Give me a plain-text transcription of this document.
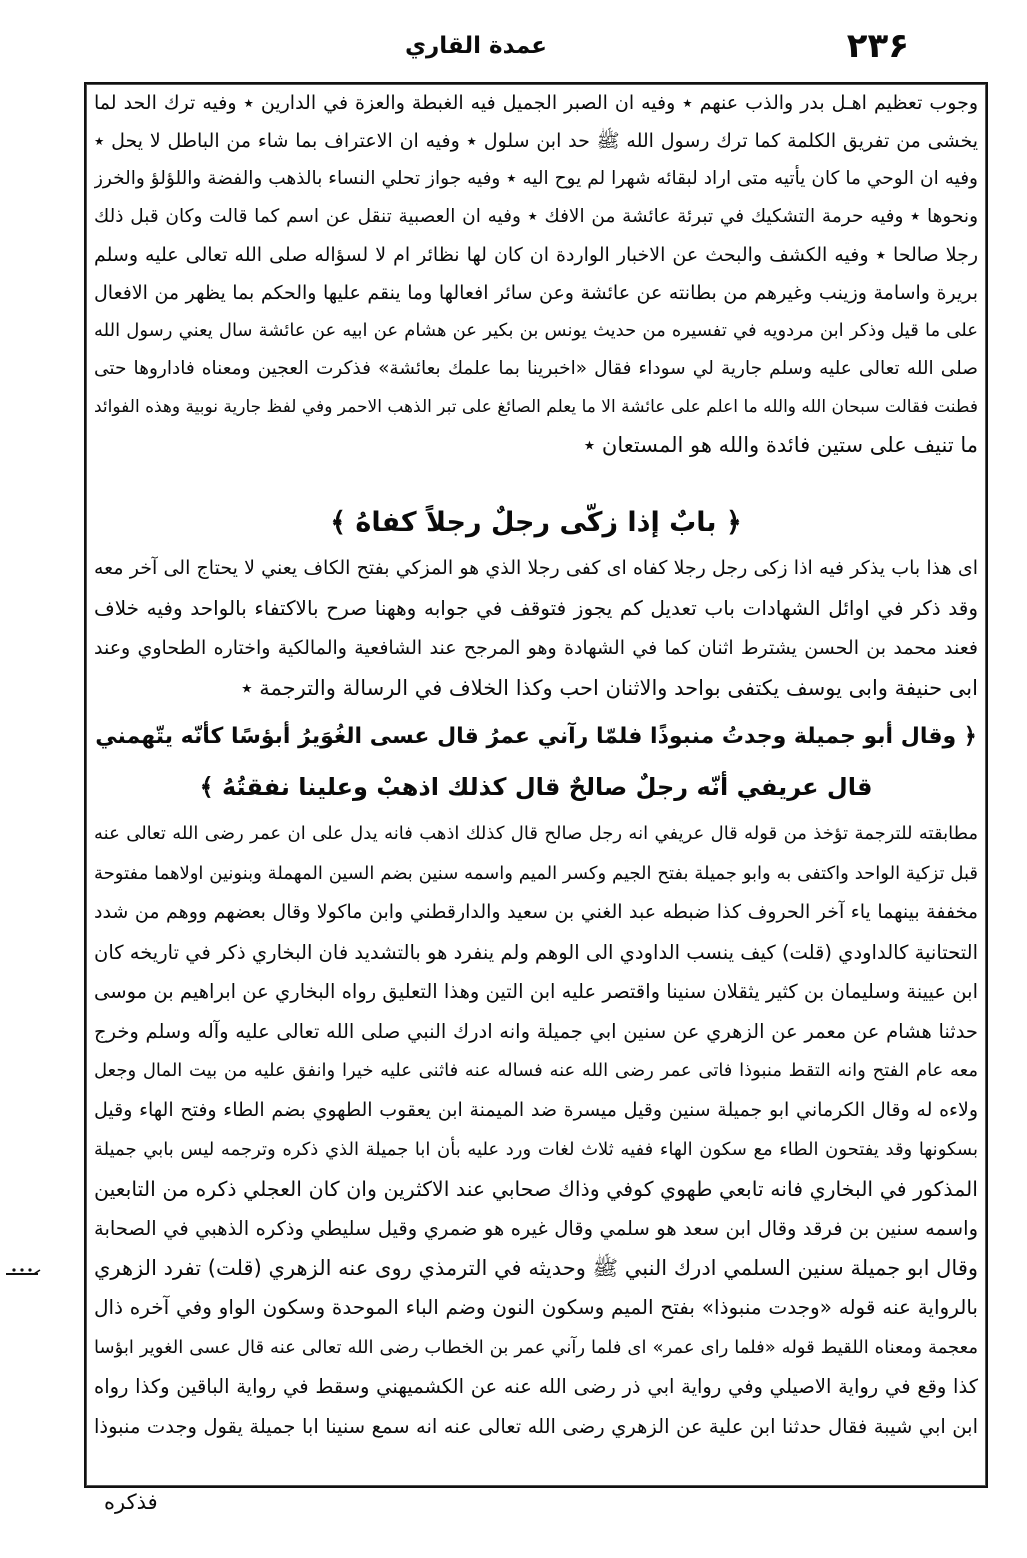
۲۳۶
عمدة القاري
وجوب تعظيم اهـل بدر والذب عنهم ٭ وفيه ان الصبر الجميل فيه الغبطة والعزة في الدارين ٭ وفيه ترك الحد لما
يخشى من تفريق الكلمة كما ترك رسول الله ﷺ حد ابن سلول ٭ وفيه ان الاعتراف بما شاء من الباطل لا يحل ٭
وفيه ان الوحي ما كان يأتيه متى اراد لبقائه شهرا لم يوح اليه ٭ وفيه جواز تحلي النساء بالذهب والفضة واللؤلؤ والخرز
ونحوها ٭ وفيه حرمة التشكيك في تبرئة عائشة من الافك ٭ وفيه ان العصبية تنقل عن اسم كما قالت وكان قبل ذلك
رجلا صالحا ٭ وفيه الكشف والبحث عن الاخبار الواردة ان كان لها نظائر ام لا لسؤاله صلى الله تعالى عليه وسلم
بريرة واسامة وزينب وغيرهم من بطانته عن عائشة وعن سائر افعالها وما ينقم عليها والحكم بما يظهر من الافعال
على ما قيل وذكر ابن مردويه في تفسيره من حديث يونس بن بكير عن هشام عن ابيه عن عائشة سال يعني رسول الله
صلى الله تعالى عليه وسلم جارية لي سوداء فقال «اخبرينا بما علمك بعائشة» فذكرت العجين ومعناه فاداروها حتى
فطنت فقالت سبحان الله والله ما اعلم على عائشة الا ما يعلم الصائغ على تبر الذهب الاحمر وفي لفظ جارية نوبية وهذه الفوائد
ما تنيف على ستين فائدة والله هو المستعان ٭
﴿ بابٌ إذا زكّى رجلٌ رجلاً كفاهُ ﴾
اى هذا باب يذكر فيه اذا زكى رجل رجلا كفاه اى كفى رجلا الذي هو المزكي بفتح الكاف يعني لا يحتاج الى آخر معه
وقد ذكر في اوائل الشهادات باب تعديل كم يجوز فتوقف في جوابه وههنا صرح بالاكتفاء بالواحد وفيه خلاف
فعند محمد بن الحسن يشترط اثنان كما في الشهادة وهو المرجح عند الشافعية والمالكية واختاره الطحاوي وعند
ابى حنيفة وابى يوسف يكتفى بواحد والاثنان احب وكذا الخلاف في الرسالة والترجمة ٭
﴿ وقال أبو جميلة وجدتُ منبوذًا فلمّا رآني عمرُ قال عسى الغُوَيرُ أبؤسًا كأنّه يتّهمني
قال عريفي أنّه رجلٌ صالحٌ قال كذلك اذهبْ وعلينا نفقتُهُ ﴾
مطابقته للترجمة تؤخذ من قوله قال عريفي انه رجل صالح قال كذلك اذهب فانه يدل على ان عمر رضى الله تعالى عنه
قبل تزكية الواحد واكتفى به وابو جميلة بفتح الجيم وكسر الميم واسمه سنين بضم السين المهملة وبنونين اولاهما مفتوحة
مخففة بينهما ياء آخر الحروف كذا ضبطه عبد الغني بن سعيد والدارقطني وابن ماكولا وقال بعضهم ووهم من شدد
التحتانية كالداودي (قلت) كيف ينسب الداودي الى الوهم ولم ينفرد هو بالتشديد فان البخاري ذكر في تاريخه كان
ابن عيينة وسليمان بن كثير يثقلان سنينا واقتصر عليه ابن التين وهذا التعليق رواه البخاري عن ابراهيم بن موسى
حدثنا هشام عن معمر عن الزهري عن سنين ابي جميلة وانه ادرك النبي صلى الله تعالى عليه وآله وسلم وخرج
معه عام الفتح وانه التقط منبوذا فاتى عمر رضى الله عنه فساله عنه فاثنى عليه خيرا وانفق عليه من بيت المال وجعل
ولاءه له وقال الكرماني ابو جميلة سنين وقيل ميسرة ضد الميمنة ابن يعقوب الطهوي بضم الطاء وفتح الهاء وقيل
بسكونها وقد يفتحون الطاء مع سكون الهاء ففيه ثلاث لغات ورد عليه بأن ابا جميلة الذي ذكره وترجمه ليس بابي جميلة
المذكور في البخاري فانه تابعي طهوي كوفي وذاك صحابي عند الاكثرين وان كان العجلي ذكره من التابعين
واسمه سنين بن فرقد وقال ابن سعد هو سلمي وقال غيره هو ضمري وقيل سليطي وذكره الذهبي في الصحابة
وقال ابو جميلة سنين السلمي ادرك النبي ﷺ وحديثه في الترمذي روى عنه الزهري (قلت) تفرد الزهري
بالرواية عنه قوله «وجدت منبوذا» بفتح الميم وسكون النون وضم الباء الموحدة وسكون الواو وفي آخره ذال
معجمة ومعناه اللقيط قوله «فلما راى عمر» اى فلما رآني عمر بن الخطاب رضى الله تعالى عنه قال عسى الغوير ابؤسا
كذا وقع في رواية الاصيلي وفي رواية ابي ذر رضى الله عنه عن الكشميهني وسقط في رواية الباقين وكذا رواه
ابن ابي شيبة فقال حدثنا ابن علية عن الزهري رضى الله تعالى عنه انه سمع سنينا ابا جميلة يقول وجدت منبوذا
فذكره
